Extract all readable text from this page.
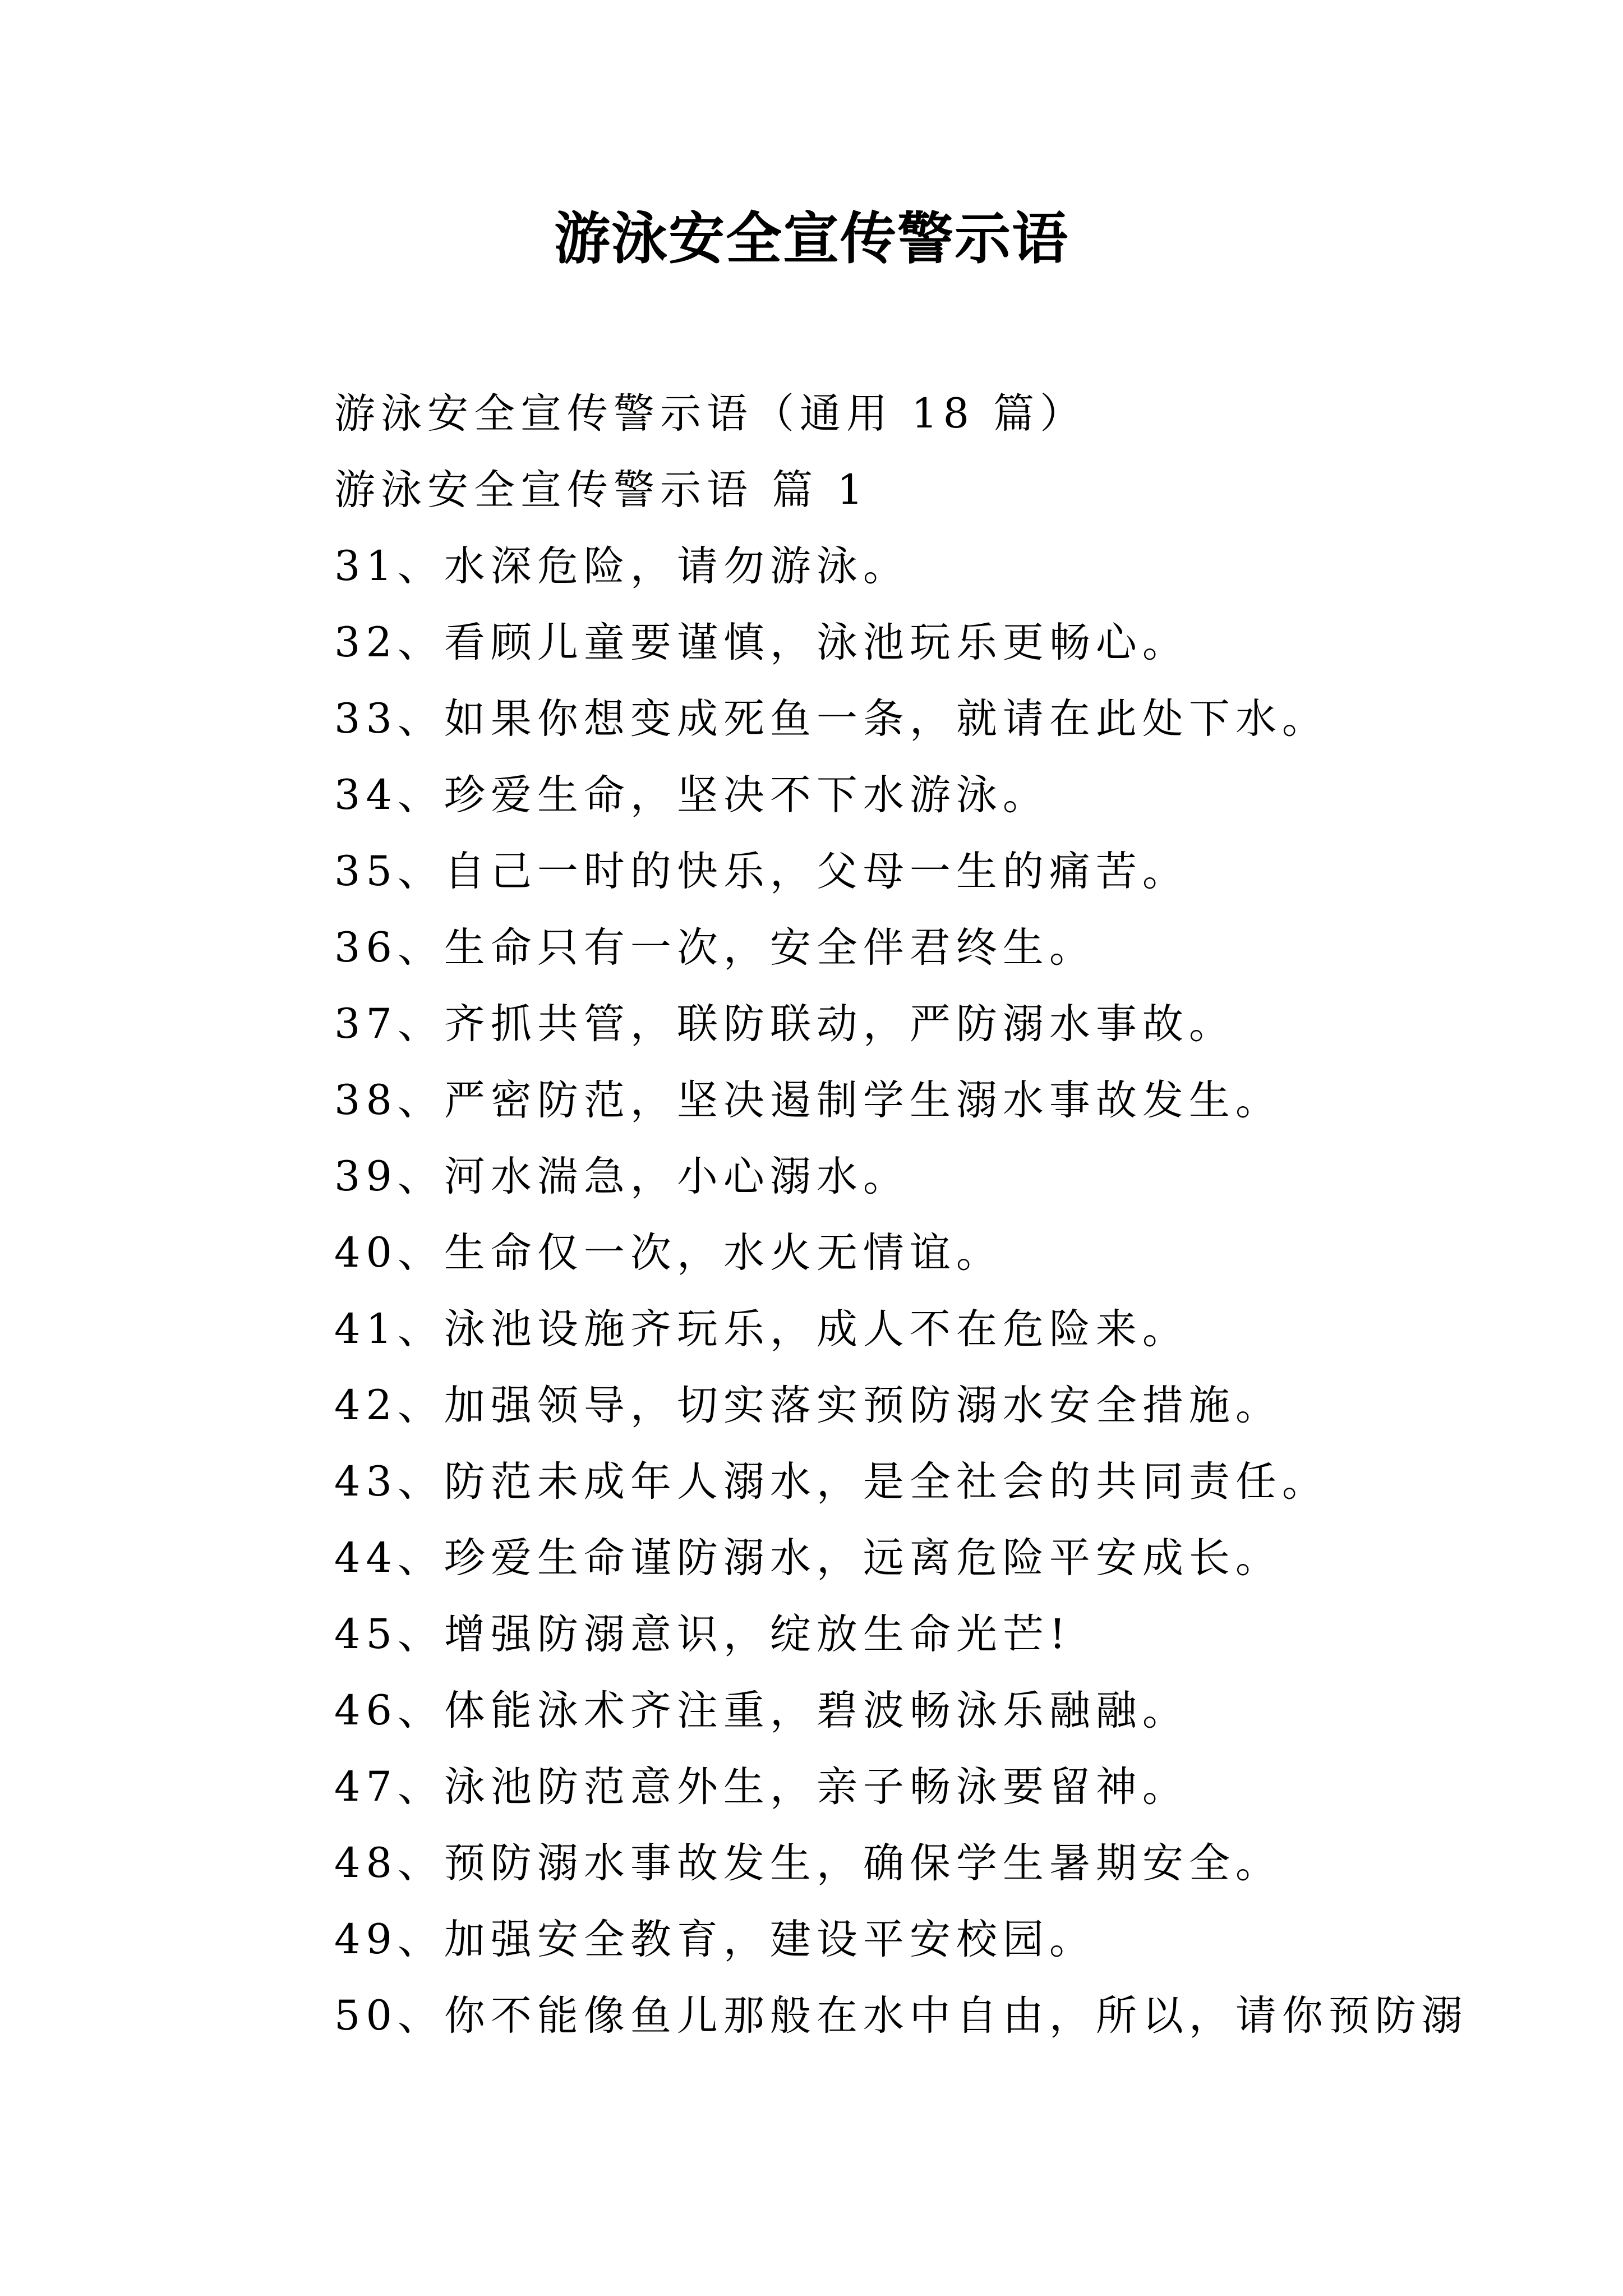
游泳安全宣传警示语
游泳安全宣传警示语（通用 18 篇）
游泳安全宣传警示语 篇 1
31、水深危险，请勿游泳。
32、看顾儿童要谨慎，泳池玩乐更畅心。
33、如果你想变成死鱼一条，就请在此处下水。
34、珍爱生命，坚决不下水游泳。
35、自己一时的快乐，父母一生的痛苦。
36、生命只有一次，安全伴君终生。
37、齐抓共管，联防联动，严防溺水事故。
38、严密防范，坚决遏制学生溺水事故发生。
39、河水湍急，小心溺水。
40、生命仅一次，水火无情谊。
41、泳池设施齐玩乐，成人不在危险来。
42、加强领导，切实落实预防溺水安全措施。
43、防范未成年人溺水，是全社会的共同责任。
44、珍爱生命谨防溺水，远离危险平安成长。
45、增强防溺意识，绽放生命光芒!
46、体能泳术齐注重，碧波畅泳乐融融。
47、泳池防范意外生，亲子畅泳要留神。
48、预防溺水事故发生，确保学生暑期安全。
49、加强安全教育，建设平安校园。
50、你不能像鱼儿那般在水中自由，所以，请你预防溺
